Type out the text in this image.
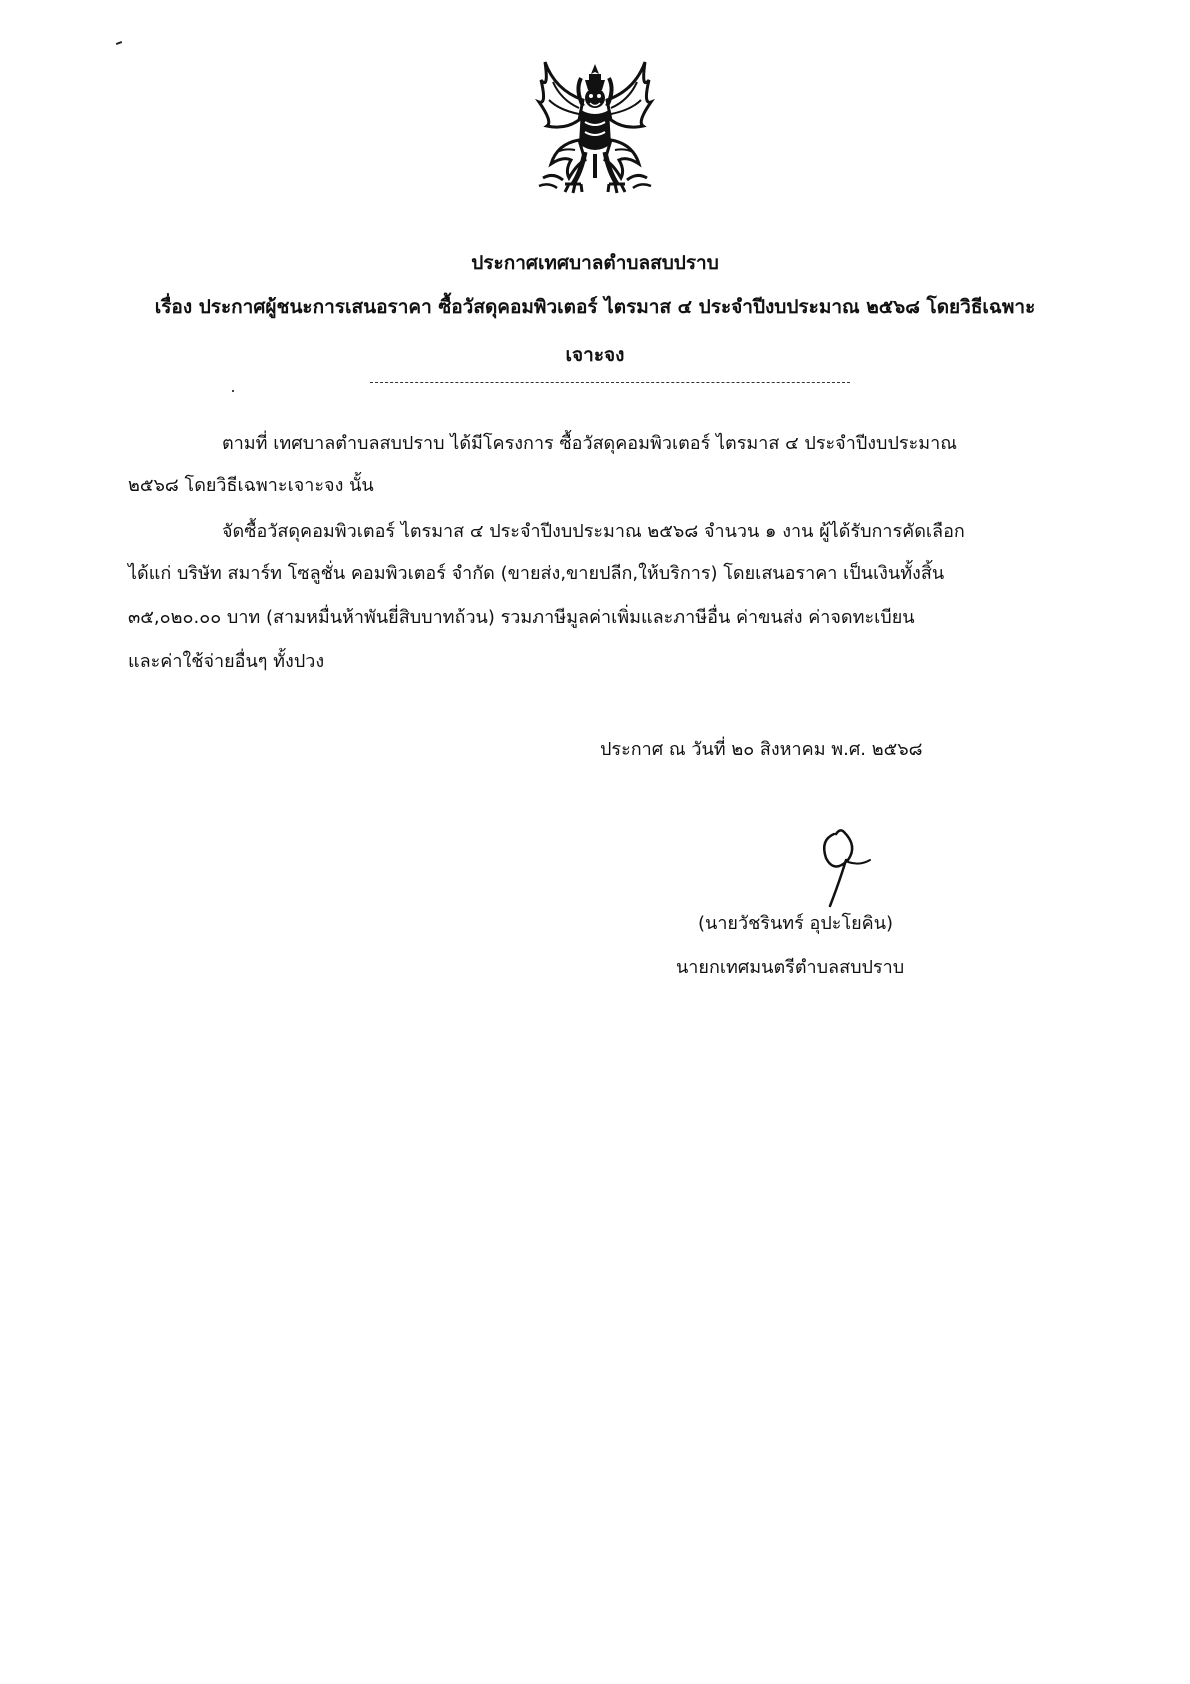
ประกาศเทศบาลตำบลสบปราบ
เรื่อง ประกาศผู้ชนะการเสนอราคา ซื้อวัสดุคอมพิวเตอร์ ไตรมาส ๔ ประจำปีงบประมาณ ๒๕๖๘ โดยวิธีเฉพาะ
เจาะจง
ตามที่ เทศบาลตำบลสบปราบ ได้มีโครงการ ซื้อวัสดุคอมพิวเตอร์ ไตรมาส ๔ ประจำปีงบประมาณ
๒๕๖๘ โดยวิธีเฉพาะเจาะจง นั้น
จัดซื้อวัสดุคอมพิวเตอร์ ไตรมาส ๔ ประจำปีงบประมาณ ๒๕๖๘ จำนวน ๑ งาน ผู้ได้รับการคัดเลือก
ได้แก่ บริษัท สมาร์ท โซลูชั่น คอมพิวเตอร์ จำกัด (ขายส่ง,ขายปลีก,ให้บริการ) โดยเสนอราคา เป็นเงินทั้งสิ้น
๓๕,๐๒๐.๐๐ บาท (สามหมื่นห้าพันยี่สิบบาทถ้วน) รวมภาษีมูลค่าเพิ่มและภาษีอื่น ค่าขนส่ง ค่าจดทะเบียน
และค่าใช้จ่ายอื่นๆ ทั้งปวง
ประกาศ ณ วันที่ ๒๐ สิงหาคม พ.ศ. ๒๕๖๘
(นายวัชรินทร์ อุปะโยคิน)
นายกเทศมนตรีตำบลสบปราบ
